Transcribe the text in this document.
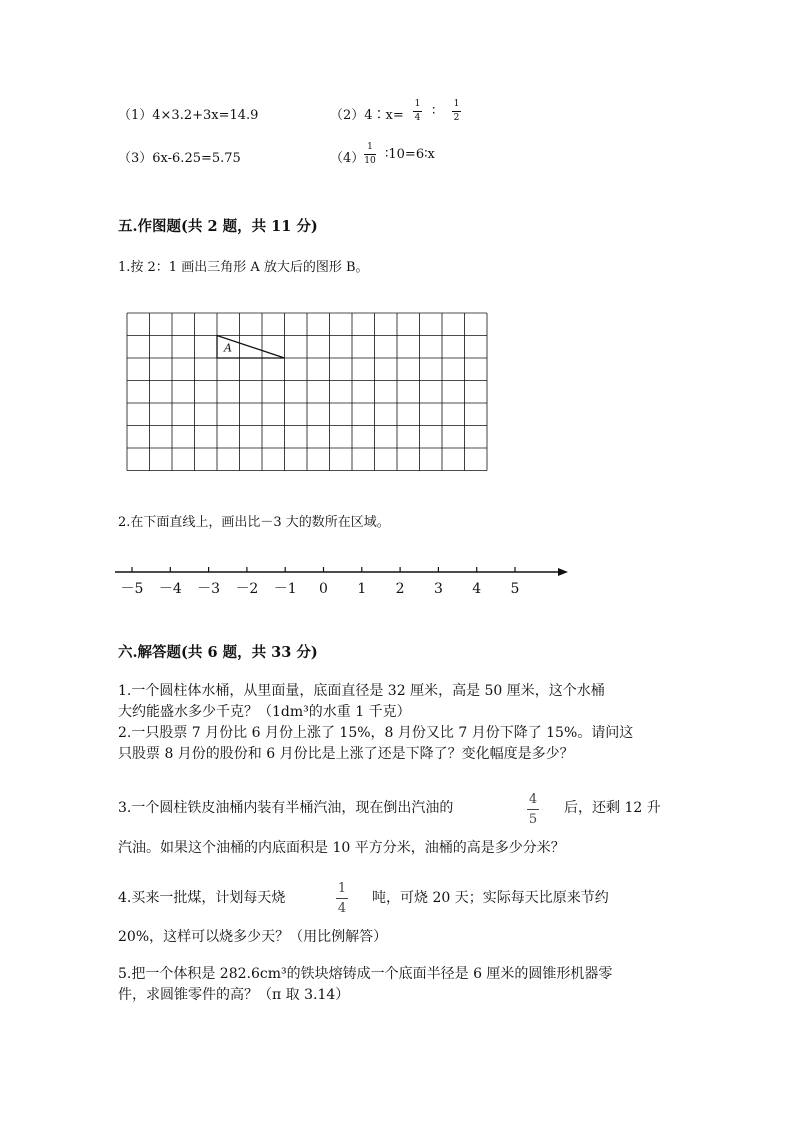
（1）4×3.2+3x=14.9	（2）4∶x=
1
4 ∶ 1
2
（3）6x-6.25=5.75	（4）
1
10 ∶10=6∶x
五.作图题(共 2 题，共 11 分)
1.按 2：1 画出三角形 A 放大后的图形 B。
A
2.在下面直线上，画出比－3 大的数所在区域。
－5 －4 －3 －2 －1 0 1 2 3 4 5
六.解答题(共 6 题，共 33 分)
1.一个圆柱体水桶，从里面量，底面直径是 32 厘米，高是 50 厘米，这个水桶
大约能盛水多少千克？（1dm³的水重 1 千克）
2.一只股票 7 月份比 6 月份上涨了 15%，8 月份又比 7 月份下降了 15%。请问这
只股票 8 月份的股份和 6 月份比是上涨了还是下降了？变化幅度是多少？
3.一个圆柱铁皮油桶内装有半桶汽油，现在倒出汽油的
4
5
后，还剩 12 升
汽油。如果这个油桶的内底面积是 10 平方分米，油桶的高是多少分米？
4.买来一批煤，计划每天烧
1
4
吨，可烧 20 天；实际每天比原来节约
20%，这样可以烧多少天？（用比例解答）
5.把一个体积是 282.6cm³的铁块熔铸成一个底面半径是 6 厘米的圆锥形机器零
件，求圆锥零件的高？（π 取 3.14）
